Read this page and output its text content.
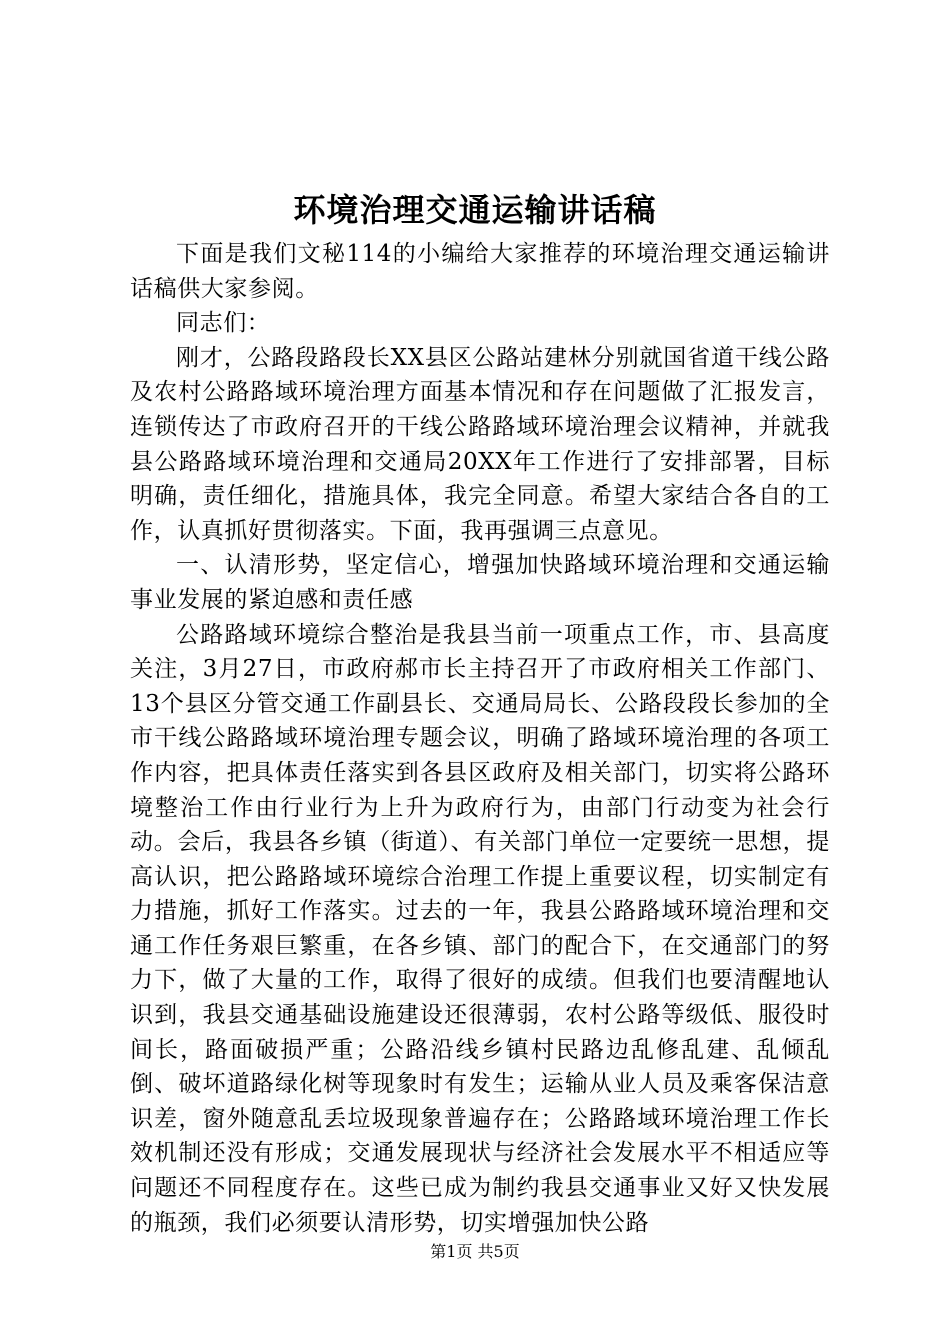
环境治理交通运输讲话稿

下面是我们文秘114的小编给大家推荐的环境治理交通运输讲话稿供大家参阅。

同志们：

刚才，公路段路段长XX县区公路站建林分别就国省道干线公路及农村公路路域环境治理方面基本情况和存在问题做了汇报发言，连锁传达了市政府召开的干线公路路域环境治理会议精神，并就我县公路路域环境治理和交通局20XX年工作进行了安排部署，目标明确，责任细化，措施具体，我完全同意。希望大家结合各自的工作，认真抓好贯彻落实。下面，我再强调三点意见。

一、认清形势，坚定信心，增强加快路域环境治理和交通运输事业发展的紧迫感和责任感

公路路域环境综合整治是我县当前一项重点工作，市、县高度关注，3月27日，市政府郝市长主持召开了市政府相关工作部门、13个县区分管交通工作副县长、交通局局长、公路段段长参加的全市干线公路路域环境治理专题会议，明确了路域环境治理的各项工作内容，把具体责任落实到各县区政府及相关部门，切实将公路环境整治工作由行业行为上升为政府行为，由部门行动变为社会行动。会后，我县各乡镇（街道）、有关部门单位一定要统一思想，提高认识，把公路路域环境综合治理工作提上重要议程，切实制定有力措施，抓好工作落实。过去的一年，我县公路路域环境治理和交通工作任务艰巨繁重，在各乡镇、部门的配合下，在交通部门的努力下，做了大量的工作，取得了很好的成绩。但我们也要清醒地认识到，我县交通基础设施建设还很薄弱，农村公路等级低、服役时间长，路面破损严重；公路沿线乡镇村民路边乱修乱建、乱倾乱倒、破坏道路绿化树等现象时有发生；运输从业人员及乘客保洁意识差，窗外随意乱丢垃圾现象普遍存在；公路路域环境治理工作长效机制还没有形成；交通发展现状与经济社会发展水平不相适应等问题还不同程度存在。这些已成为制约我县交通事业又好又快发展的瓶颈，我们必须要认清形势，切实增强加快公路

第1页 共5页
